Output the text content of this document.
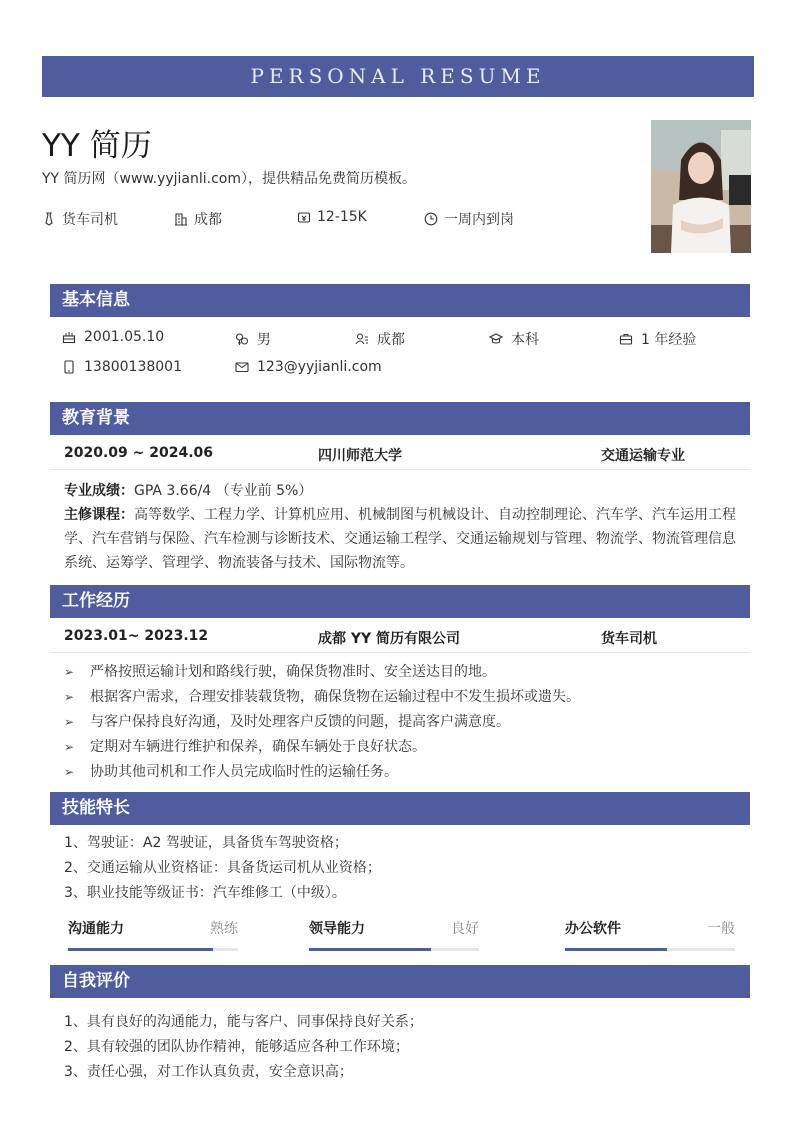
PERSONAL RESUME
YY 简历
YY 简历网（www.yyjianli.com），提供精品免费简历模板。
货车司机	成都	12-15K	一周内到岗
基本信息
2001.05.10	男	成都	本科	1 年经验
13800138001	123@yyjianli.com
教育背景
2020.09 ~ 2024.06	四川师范大学	交通运输专业
专业成绩：GPA 3.66/4 （专业前 5%）
主修课程：高等数学、工程力学、计算机应用、机械制图与机械设计、自动控制理论、汽车学、汽车运用工程学、汽车营销与保险、汽车检测与诊断技术、交通运输工程学、交通运输规划与管理、物流学、物流管理信息系统、运筹学、管理学、物流装备与技术、国际物流等。
工作经历
2023.01~ 2023.12	成都 YY 简历有限公司	货车司机
➢	严格按照运输计划和路线行驶，确保货物准时、安全送达目的地。
➢	根据客户需求，合理安排装载货物，确保货物在运输过程中不发生损坏或遗失。
➢	与客户保持良好沟通，及时处理客户反馈的问题，提高客户满意度。
➢	定期对车辆进行维护和保养，确保车辆处于良好状态。
➢	协助其他司机和工作人员完成临时性的运输任务。
技能特长
1、驾驶证：A2 驾驶证，具备货车驾驶资格；
2、交通运输从业资格证：具备货运司机从业资格；
3、职业技能等级证书：汽车维修工（中级）。
沟通能力	熟练	领导能力	良好	办公软件	一般
自我评价
1、具有良好的沟通能力，能与客户、同事保持良好关系；
2、具有较强的团队协作精神，能够适应各种工作环境；
3、责任心强，对工作认真负责，安全意识高；
